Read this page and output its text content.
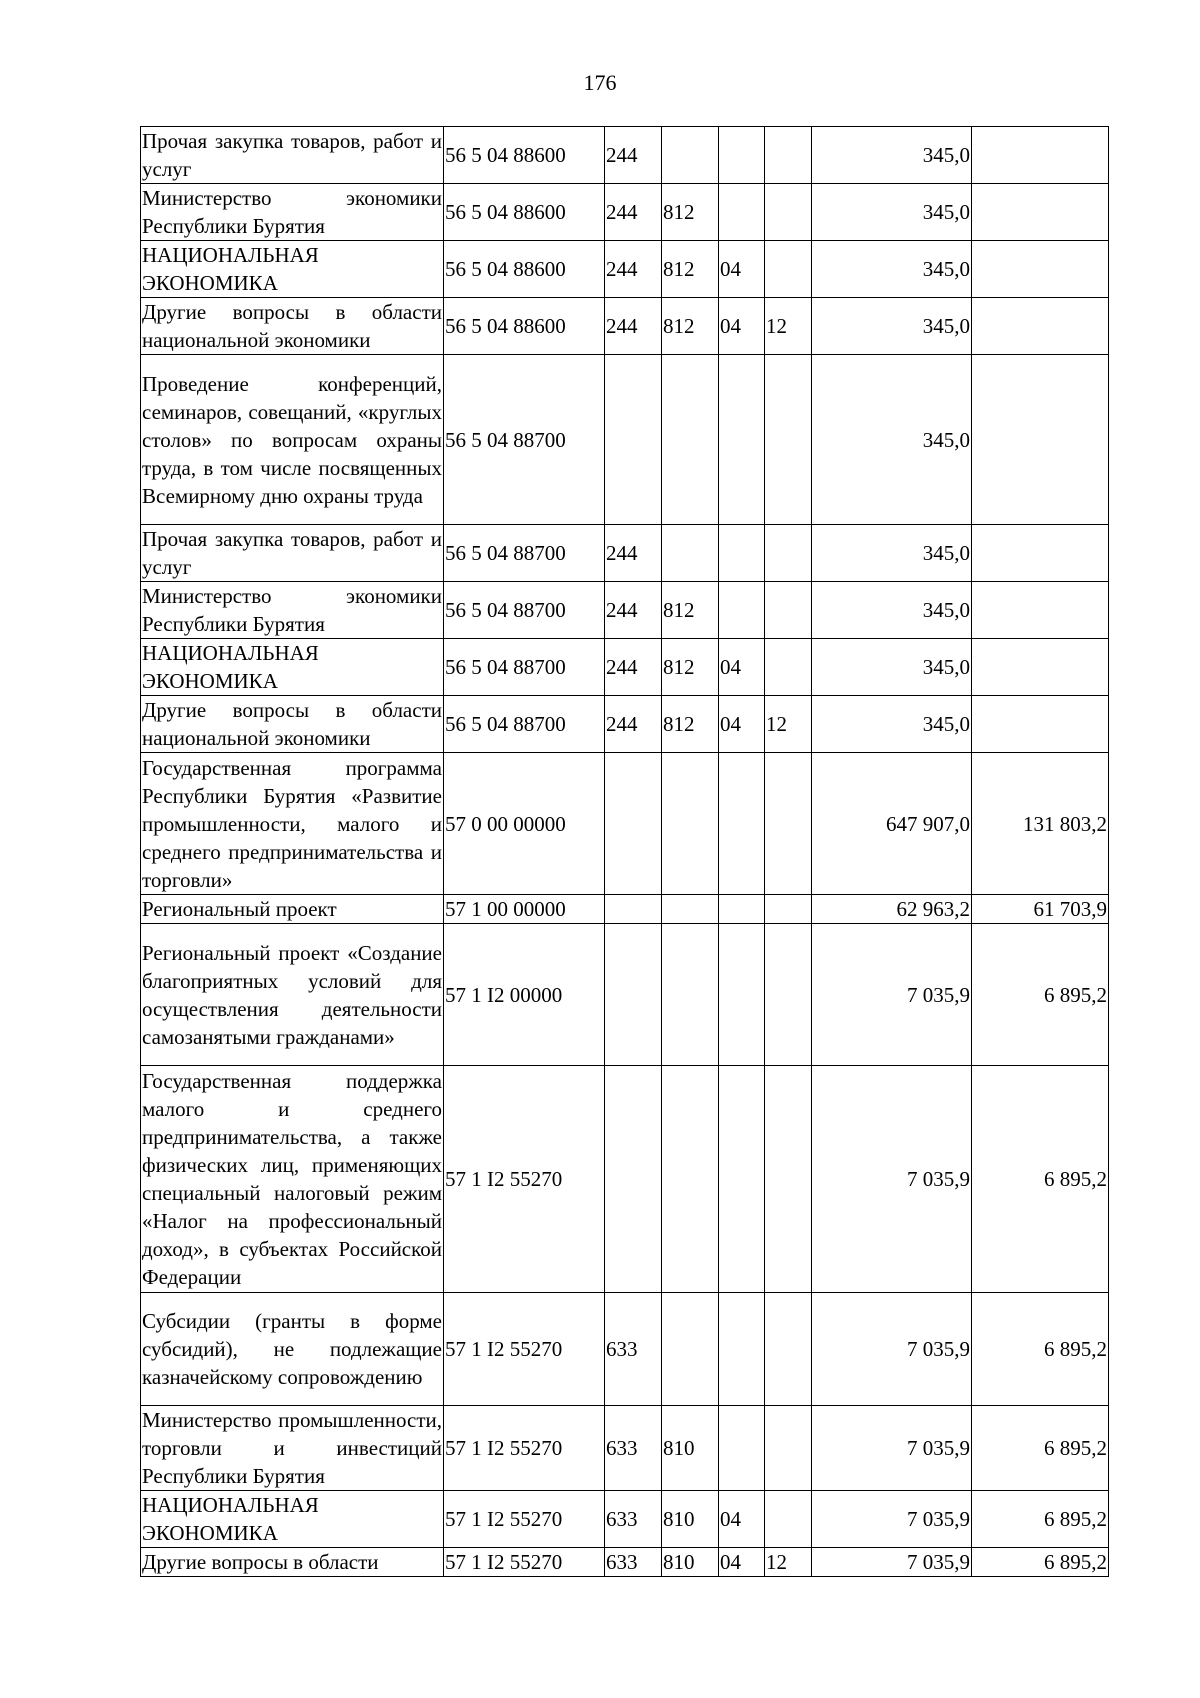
176
Прочая закупка товаров, работ и услуг	56 5 04 88600	244				345,0	
Министерство экономики Республики Бурятия	56 5 04 88600	244	812			345,0	
НАЦИОНАЛЬНАЯ ЭКОНОМИКА	56 5 04 88600	244	812	04		345,0	
Другие вопросы в области национальной экономики	56 5 04 88600	244	812	04	12	345,0	
Проведение конференций, семинаров, совещаний, «круглых столов» по вопросам охраны труда, в том числе посвященных Всемирному дню охраны труда	56 5 04 88700					345,0	
Прочая закупка товаров, работ и услуг	56 5 04 88700	244				345,0	
Министерство экономики Республики Бурятия	56 5 04 88700	244	812			345,0	
НАЦИОНАЛЬНАЯ ЭКОНОМИКА	56 5 04 88700	244	812	04		345,0	
Другие вопросы в области национальной экономики	56 5 04 88700	244	812	04	12	345,0	
Государственная программа Республики Бурятия «Развитие промышленности, малого и среднего предпринимательства и торговли»	57 0 00 00000					647 907,0	131 803,2
Региональный проект	57 1 00 00000					62 963,2	61 703,9
Региональный проект «Создание благоприятных условий для осуществления деятельности самозанятыми гражданами»	57 1 I2 00000					7 035,9	6 895,2
Государственная поддержка малого и среднего предпринимательства, а также физических лиц, применяющих специальный налоговый режим «Налог на профессиональный доход», в субъектах Российской Федерации	57 1 I2 55270					7 035,9	6 895,2
Субсидии (гранты в форме субсидий), не подлежащие казначейскому сопровождению	57 1 I2 55270	633				7 035,9	6 895,2
Министерство промышленности, торговли и инвестиций Республики Бурятия	57 1 I2 55270	633	810			7 035,9	6 895,2
НАЦИОНАЛЬНАЯ ЭКОНОМИКА	57 1 I2 55270	633	810	04		7 035,9	6 895,2
Другие вопросы в области	57 1 I2 55270	633	810	04	12	7 035,9	6 895,2
